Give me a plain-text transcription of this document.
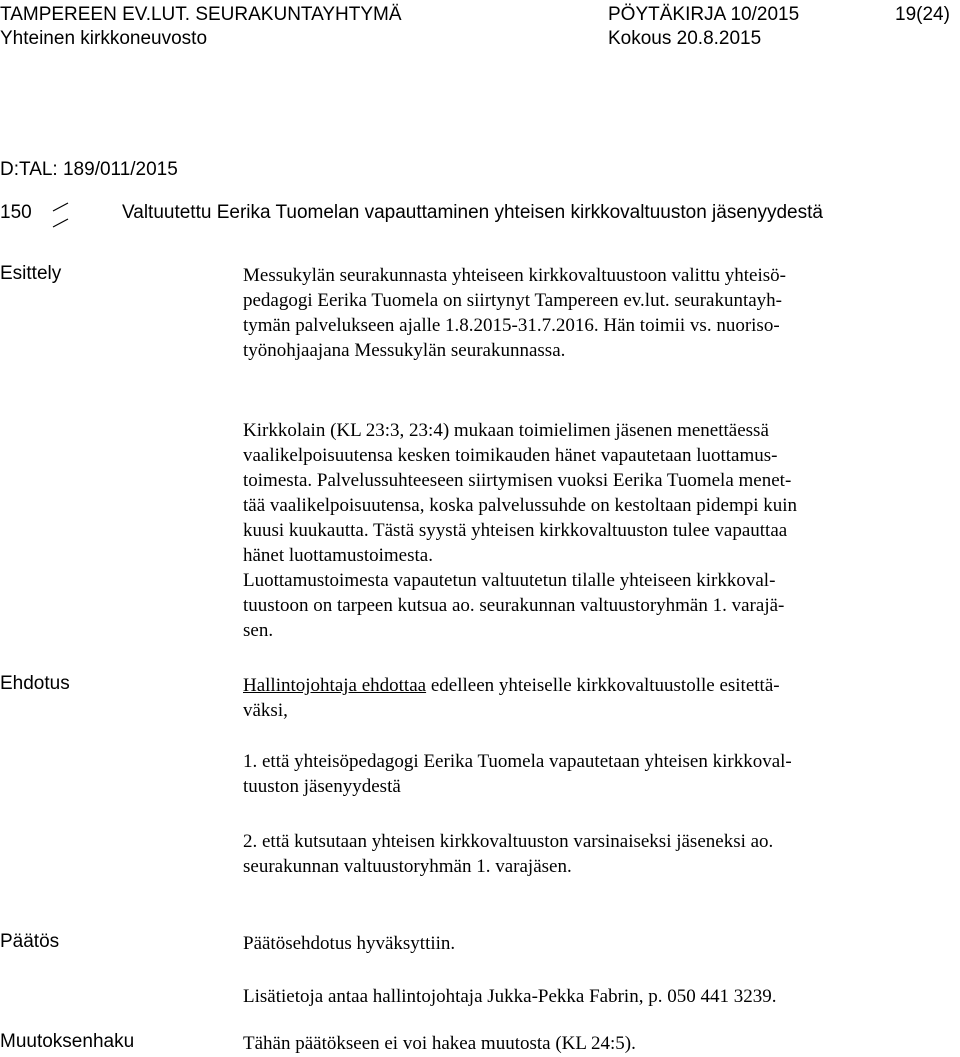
TAMPEREEN EV.LUT. SEURAKUNTAYHTYMÄ	PÖYTÄKIRJA 10/2015	19(24)
Yhteinen kirkkoneuvosto	Kokous 20.8.2015
D:TAL: 189/011/2015
150	Valtuutettu Eerika Tuomelan vapauttaminen yhteisen kirkkovaltuuston jäsenyydestä
Esittely	Messukylän seurakunnasta yhteiseen kirkkovaltuustoon valittu yhteisö-
pedagogi Eerika Tuomela on siirtynyt Tampereen ev.lut. seurakuntayh-
tymän palvelukseen ajalle 1.8.2015-31.7.2016. Hän toimii vs. nuoriso-
työnohjaajana Messukylän seurakunnassa.
Kirkkolain (KL 23:3, 23:4) mukaan toimielimen jäsenen menettäessä
vaalikelpoisuutensa kesken toimikauden hänet vapautetaan luottamus-
toimesta. Palvelussuhteeseen siirtymisen vuoksi Eerika Tuomela menet-
tää vaalikelpoisuutensa, koska palvelussuhde on kestoltaan pidempi kuin
kuusi kuukautta. Tästä syystä yhteisen kirkkovaltuuston tulee vapauttaa
hänet luottamustoimesta.
Luottamustoimesta vapautetun valtuutetun tilalle yhteiseen kirkkoval-
tuustoon on tarpeen kutsua ao. seurakunnan valtuustoryhmän 1. varajä-
sen.
Ehdotus	Hallintojohtaja ehdottaa edelleen yhteiselle kirkkovaltuustolle esitettä-
väksi,
1. että yhteisöpedagogi Eerika Tuomela vapautetaan yhteisen kirkkoval-
tuuston jäsenyydestä
2. että kutsutaan yhteisen kirkkovaltuuston varsinaiseksi jäseneksi ao.
seurakunnan valtuustoryhmän 1. varajäsen.
Päätös	Päätösehdotus hyväksyttiin.
Lisätietoja antaa hallintojohtaja Jukka-Pekka Fabrin, p. 050 441 3239.
Muutoksenhaku	Tähän päätökseen ei voi hakea muutosta (KL 24:5).
